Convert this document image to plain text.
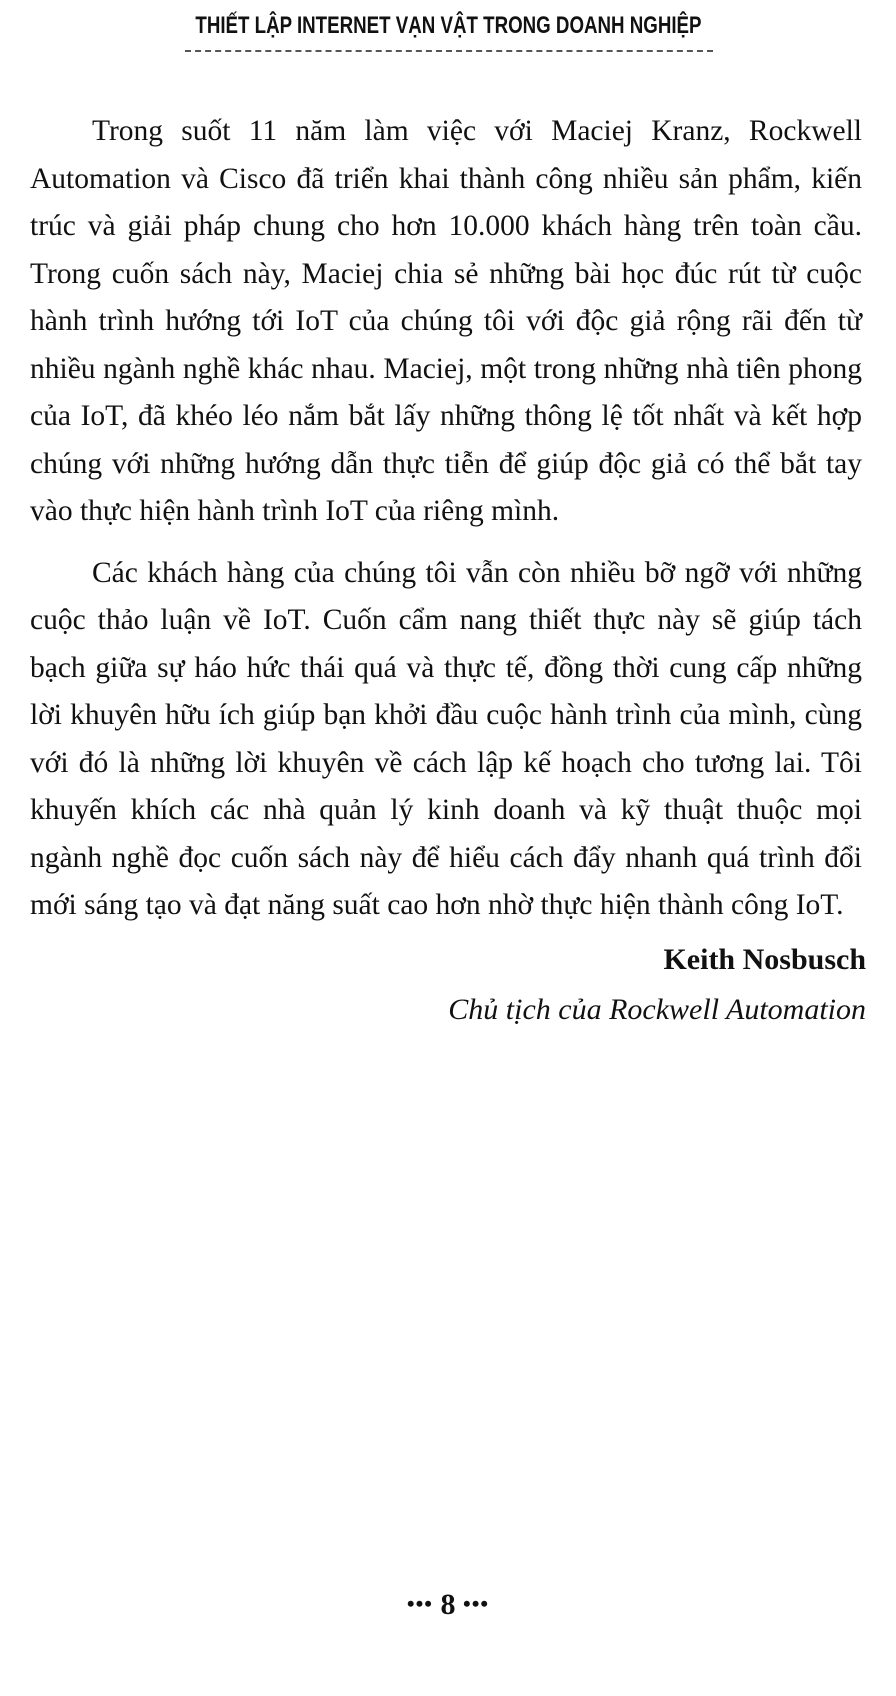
THIẾT LẬP INTERNET VẠN VẬT TRONG DOANH NGHIỆP

Trong suốt 11 năm làm việc với Maciej Kranz, Rockwell Automation và Cisco đã triển khai thành công nhiều sản phẩm, kiến trúc và giải pháp chung cho hơn 10.000 khách hàng trên toàn cầu. Trong cuốn sách này, Maciej chia sẻ những bài học đúc rút từ cuộc hành trình hướng tới IoT của chúng tôi với độc giả rộng rãi đến từ nhiều ngành nghề khác nhau. Maciej, một trong những nhà tiên phong của IoT, đã khéo léo nắm bắt lấy những thông lệ tốt nhất và kết hợp chúng với những hướng dẫn thực tiễn để giúp độc giả có thể bắt tay vào thực hiện hành trình IoT của riêng mình.

Các khách hàng của chúng tôi vẫn còn nhiều bỡ ngỡ với những cuộc thảo luận về IoT. Cuốn cẩm nang thiết thực này sẽ giúp tách bạch giữa sự háo hức thái quá và thực tế, đồng thời cung cấp những lời khuyên hữu ích giúp bạn khởi đầu cuộc hành trình của mình, cùng với đó là những lời khuyên về cách lập kế hoạch cho tương lai. Tôi khuyến khích các nhà quản lý kinh doanh và kỹ thuật thuộc mọi ngành nghề đọc cuốn sách này để hiểu cách đẩy nhanh quá trình đổi mới sáng tạo và đạt năng suất cao hơn nhờ thực hiện thành công IoT.

Keith Nosbusch
Chủ tịch của Rockwell Automation
••• 8 •••
